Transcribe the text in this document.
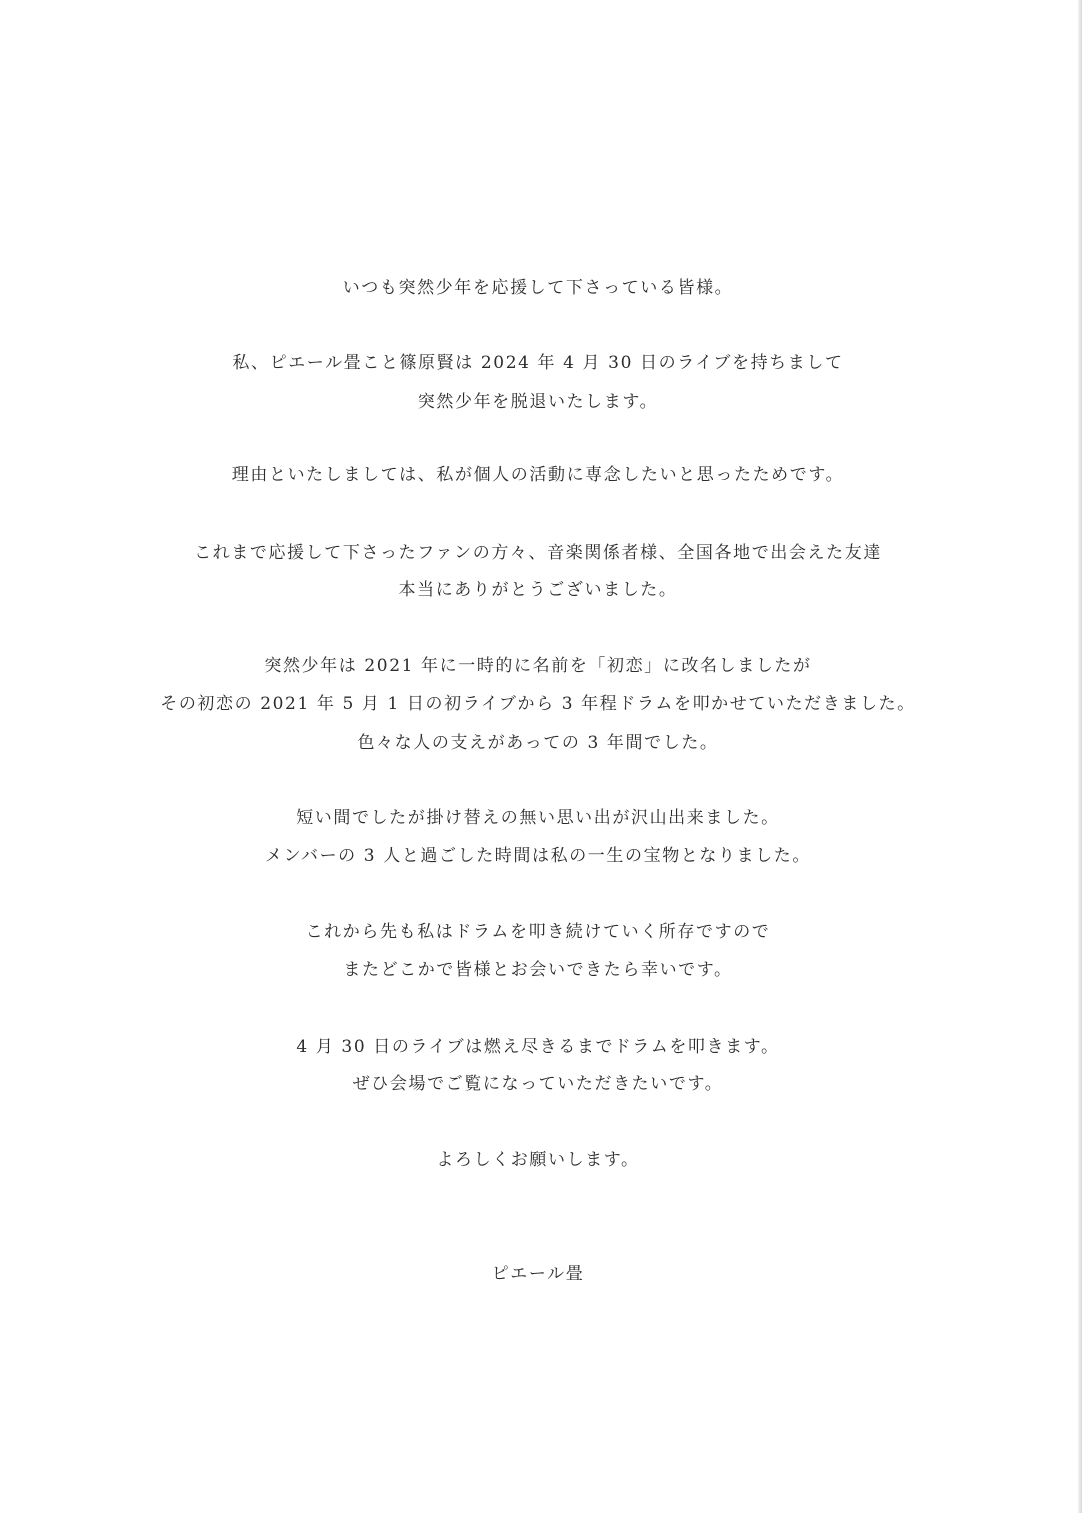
いつも突然少年を応援して下さっている皆様。
私、ピエール畳こと篠原賢は 2024 年 4 月 30 日のライブを持ちまして
突然少年を脱退いたします。
理由といたしましては、私が個人の活動に専念したいと思ったためです。
これまで応援して下さったファンの方々、音楽関係者様、全国各地で出会えた友達
本当にありがとうございました。
突然少年は 2021 年に一時的に名前を「初恋」に改名しましたが
その初恋の 2021 年 5 月 1 日の初ライブから 3 年程ドラムを叩かせていただきました。
色々な人の支えがあっての 3 年間でした。
短い間でしたが掛け替えの無い思い出が沢山出来ました。
メンバーの 3 人と過ごした時間は私の一生の宝物となりました。
これから先も私はドラムを叩き続けていく所存ですので
またどこかで皆様とお会いできたら幸いです。
4 月 30 日のライブは燃え尽きるまでドラムを叩きます。
ぜひ会場でご覧になっていただきたいです。
よろしくお願いします。
ピエール畳
